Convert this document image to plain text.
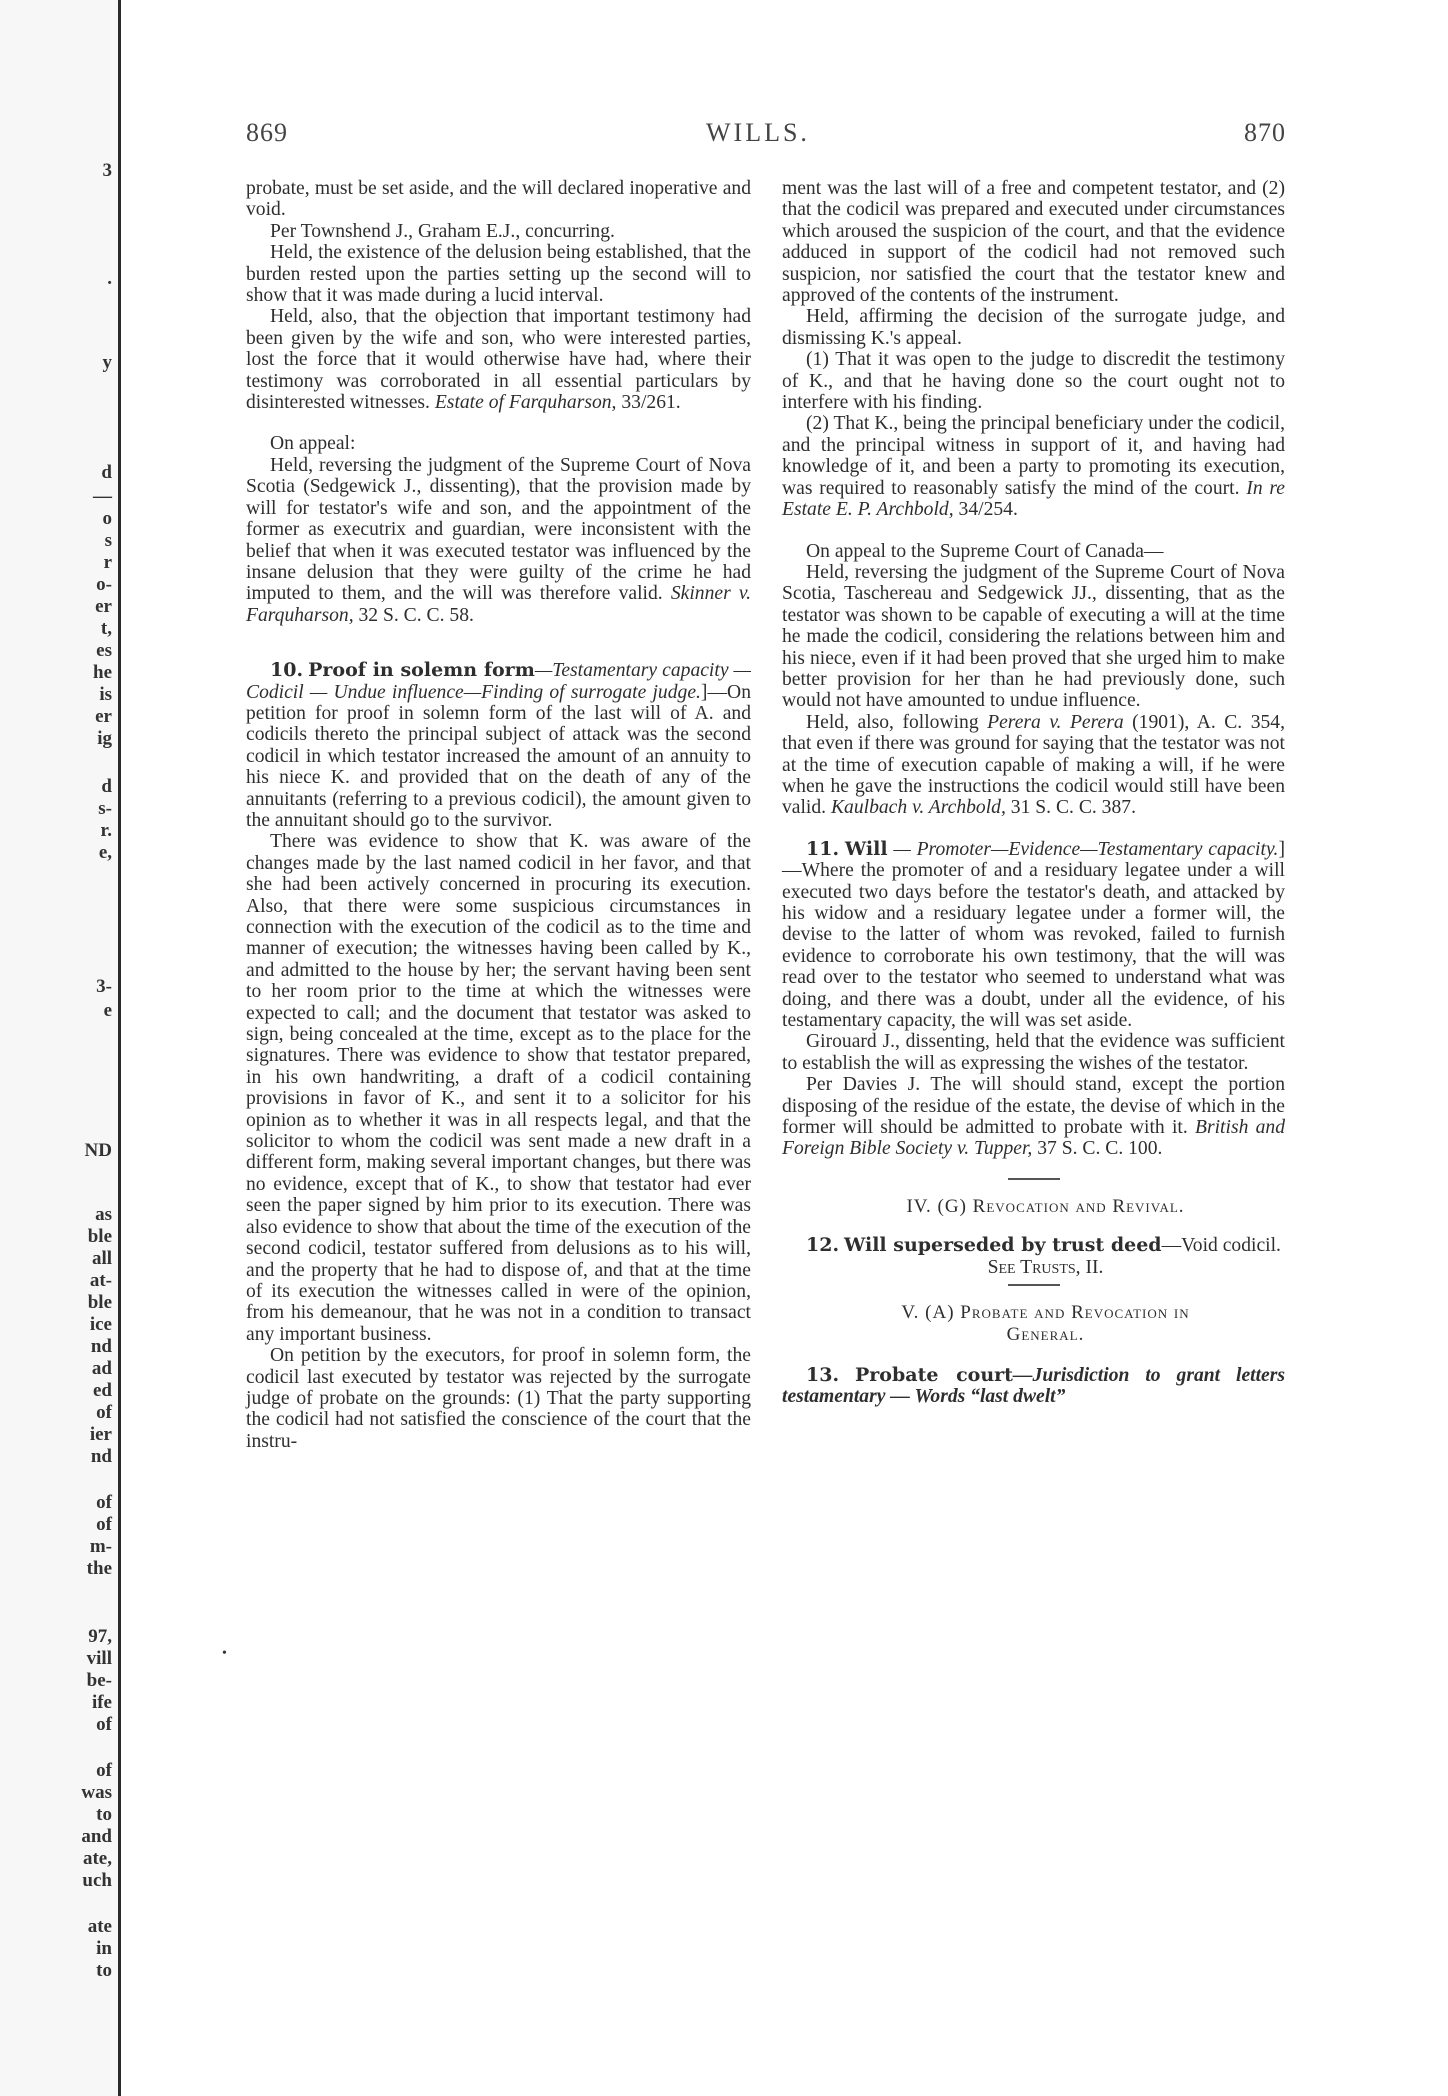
3
.
y
d
—
o
s
r
o-
er
t,
es
he
is
er
ig
d
s-
r.
e,
3-
e
ND
as
ble
all
at-
ble
ice
nd
ad
ed
of
ier
nd
of
of
m-
the
97,
vill
be-
ife
of
of
was
to
and
ate,
uch
ate
in
to
869	WILLS.	870
•

probate, must be set aside, and the will declared inoperative and void.

Per Townshend J., Graham E.J., concurring.

Held, the existence of the delusion being established, that the burden rested upon the parties setting up the second will to show that it was made during a lucid interval.

Held, also, that the objection that important testimony had been given by the wife and son, who were interested parties, lost the force that it would otherwise have had, where their testimony was corroborated in all essential particulars by disinterested witnesses. Estate of Farquharson, 33/261.

On appeal:

Held, reversing the judgment of the Supreme Court of Nova Scotia (Sedgewick J., dissenting), that the provision made by will for testator's wife and son, and the appointment of the former as executrix and guardian, were inconsistent with the belief that when it was executed testator was influenced by the insane delusion that they were guilty of the crime he had imputed to them, and the will was therefore valid. Skinner v. Farquharson, 32 S. C. C. 58.

10. Proof in solemn form—Testamentary capacity — Codicil — Undue influence—Finding of surrogate judge.]—On petition for proof in solemn form of the last will of A. and codicils thereto the principal subject of attack was the second codicil in which testator increased the amount of an annuity to his niece K. and provided that on the death of any of the annuitants (referring to a previous codicil), the amount given to the annuitant should go to the survivor.

There was evidence to show that K. was aware of the changes made by the last named codicil in her favor, and that she had been actively concerned in procuring its execution. Also, that there were some suspicious circumstances in connection with the execution of the codicil as to the time and manner of execution; the witnesses having been called by K., and admitted to the house by her; the servant having been sent to her room prior to the time at which the witnesses were expected to call; and the document that testator was asked to sign, being concealed at the time, except as to the place for the signatures. There was evidence to show that testator prepared, in his own handwriting, a draft of a codicil containing provisions in favor of K., and sent it to a solicitor for his opinion as to whether it was in all respects legal, and that the solicitor to whom the codicil was sent made a new draft in a different form, making several important changes, but there was no evidence, except that of K., to show that testator had ever seen the paper signed by him prior to its execution. There was also evidence to show that about the time of the execution of the second codicil, testator suffered from delusions as to his will, and the property that he had to dispose of, and that at the time of its execution the witnesses called in were of the opinion, from his demeanour, that he was not in a condition to transact any important business.

On petition by the executors, for proof in solemn form, the codicil last executed by testator was rejected by the surrogate judge of probate on the grounds: (1) That the party supporting the codicil had not satisfied the conscience of the court that the instru-

ment was the last will of a free and competent testator, and (2) that the codicil was prepared and executed under circumstances which aroused the suspicion of the court, and that the evidence adduced in support of the codicil had not removed such suspicion, nor satisfied the court that the testator knew and approved of the contents of the instrument.

Held, affirming the decision of the surrogate judge, and dismissing K.'s appeal.

(1) That it was open to the judge to discredit the testimony of K., and that he having done so the court ought not to interfere with his finding.

(2) That K., being the principal beneficiary under the codicil, and the principal witness in support of it, and having had knowledge of it, and been a party to promoting its execution, was required to reasonably satisfy the mind of the court. In re Estate E. P. Archbold, 34/254.

On appeal to the Supreme Court of Canada—

Held, reversing the judgment of the Supreme Court of Nova Scotia, Taschereau and Sedgewick JJ., dissenting, that as the testator was shown to be capable of executing a will at the time he made the codicil, considering the relations between him and his niece, even if it had been proved that she urged him to make better provision for her than he had previously done, such would not have amounted to undue influence.

Held, also, following Perera v. Perera (1901), A. C. 354, that even if there was ground for saying that the testator was not at the time of execution capable of making a will, if he were when he gave the instructions the codicil would still have been valid. Kaulbach v. Archbold, 31 S. C. C. 387.

11. Will — Promoter—Evidence—Testamentary capacity.]—Where the promoter of and a residuary legatee under a will executed two days before the testator's death, and attacked by his widow and a residuary legatee under a former will, the devise to the latter of whom was revoked, failed to furnish evidence to corroborate his own testimony, that the will was read over to the testator who seemed to understand what was doing, and there was a doubt, under all the evidence, of his testamentary capacity, the will was set aside.

Girouard J., dissenting, held that the evidence was sufficient to establish the will as expressing the wishes of the testator.

Per Davies J. The will should stand, except the portion disposing of the residue of the estate, the devise of which in the former will should be admitted to probate with it. British and Foreign Bible Society v. Tupper, 37 S. C. C. 100.

IV. (G) Revocation and Revival.

12. Will superseded by trust deed—Void codicil.

See Trusts, II.

V. (A) Probate and Revocation in

General.

13. Probate court—Jurisdiction to grant letters testamentary — Words “last dwelt”
